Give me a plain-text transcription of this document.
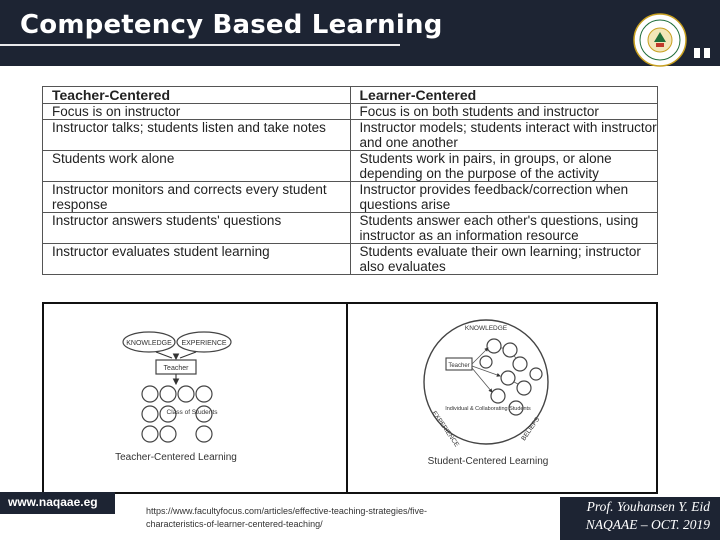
Competency Based Learning
Teacher-Centered	Learner-Centered
Focus is on instructor	Focus is on both students and instructor
Instructor talks; students listen and take notes	Instructor models; students interact with instructor and one another
Students work alone	Students work in pairs, in groups, or alone depending on the purpose of the activity
Instructor monitors and corrects every student response	Instructor provides feedback/correction when questions arise
Instructor answers students' questions	Students answer each other's questions, using instructor as an information resource
Instructor evaluates student learning	Students evaluate their own learning; instructor also evaluates
KNOWLEDGE EXPERIENCE
Teacher
Class of Students
Teacher-Centered Learning
KNOWLEDGE
EXPERIENCE	BELIEFS
Teacher
Individual & Collaborating Students
Student-Centered Learning
www.naqaae.eg
https://www.facultyfocus.com/articles/effective-teaching-strategies/five-characteristics-of-learner-centered-teaching/
Prof. Youhansen Y. Eid
NAQAAE – OCT. 2019
